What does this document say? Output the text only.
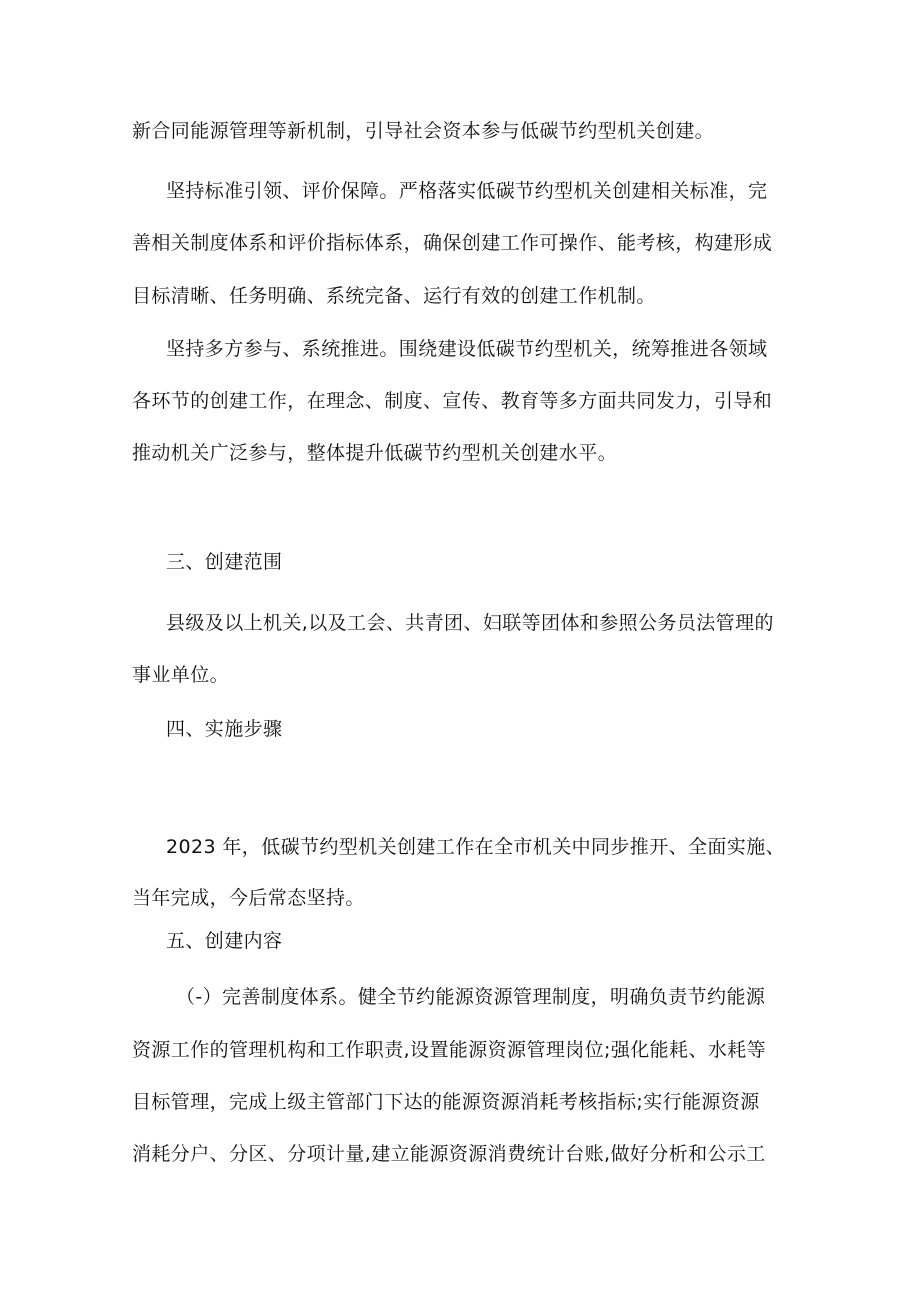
新合同能源管理等新机制，引导社会资本参与低碳节约型机关创建。
坚持标准引领、评价保障。严格落实低碳节约型机关创建相关标准，完
善相关制度体系和评价指标体系，确保创建工作可操作、能考核，构建形成
目标清晰、任务明确、系统完备、运行有效的创建工作机制。
坚持多方参与、系统推进。围绕建设低碳节约型机关，统筹推进各领域
各环节的创建工作，在理念、制度、宣传、教育等多方面共同发力，引导和
推动机关广泛参与，整体提升低碳节约型机关创建水平。
三、创建范围
县级及以上机关,以及工会、共青团、妇联等团体和参照公务员法管理的
事业单位。
四、实施步骤
2023 年，低碳节约型机关创建工作在全市机关中同步推开、全面实施、
当年完成，今后常态坚持。
五、创建内容
（-）完善制度体系。健全节约能源资源管理制度，明确负责节约能源
资源工作的管理机构和工作职责,设置能源资源管理岗位;强化能耗、水耗等
目标管理，完成上级主管部门下达的能源资源消耗考核指标;实行能源资源
消耗分户、分区、分项计量,建立能源资源消费统计台账,做好分析和公示工
